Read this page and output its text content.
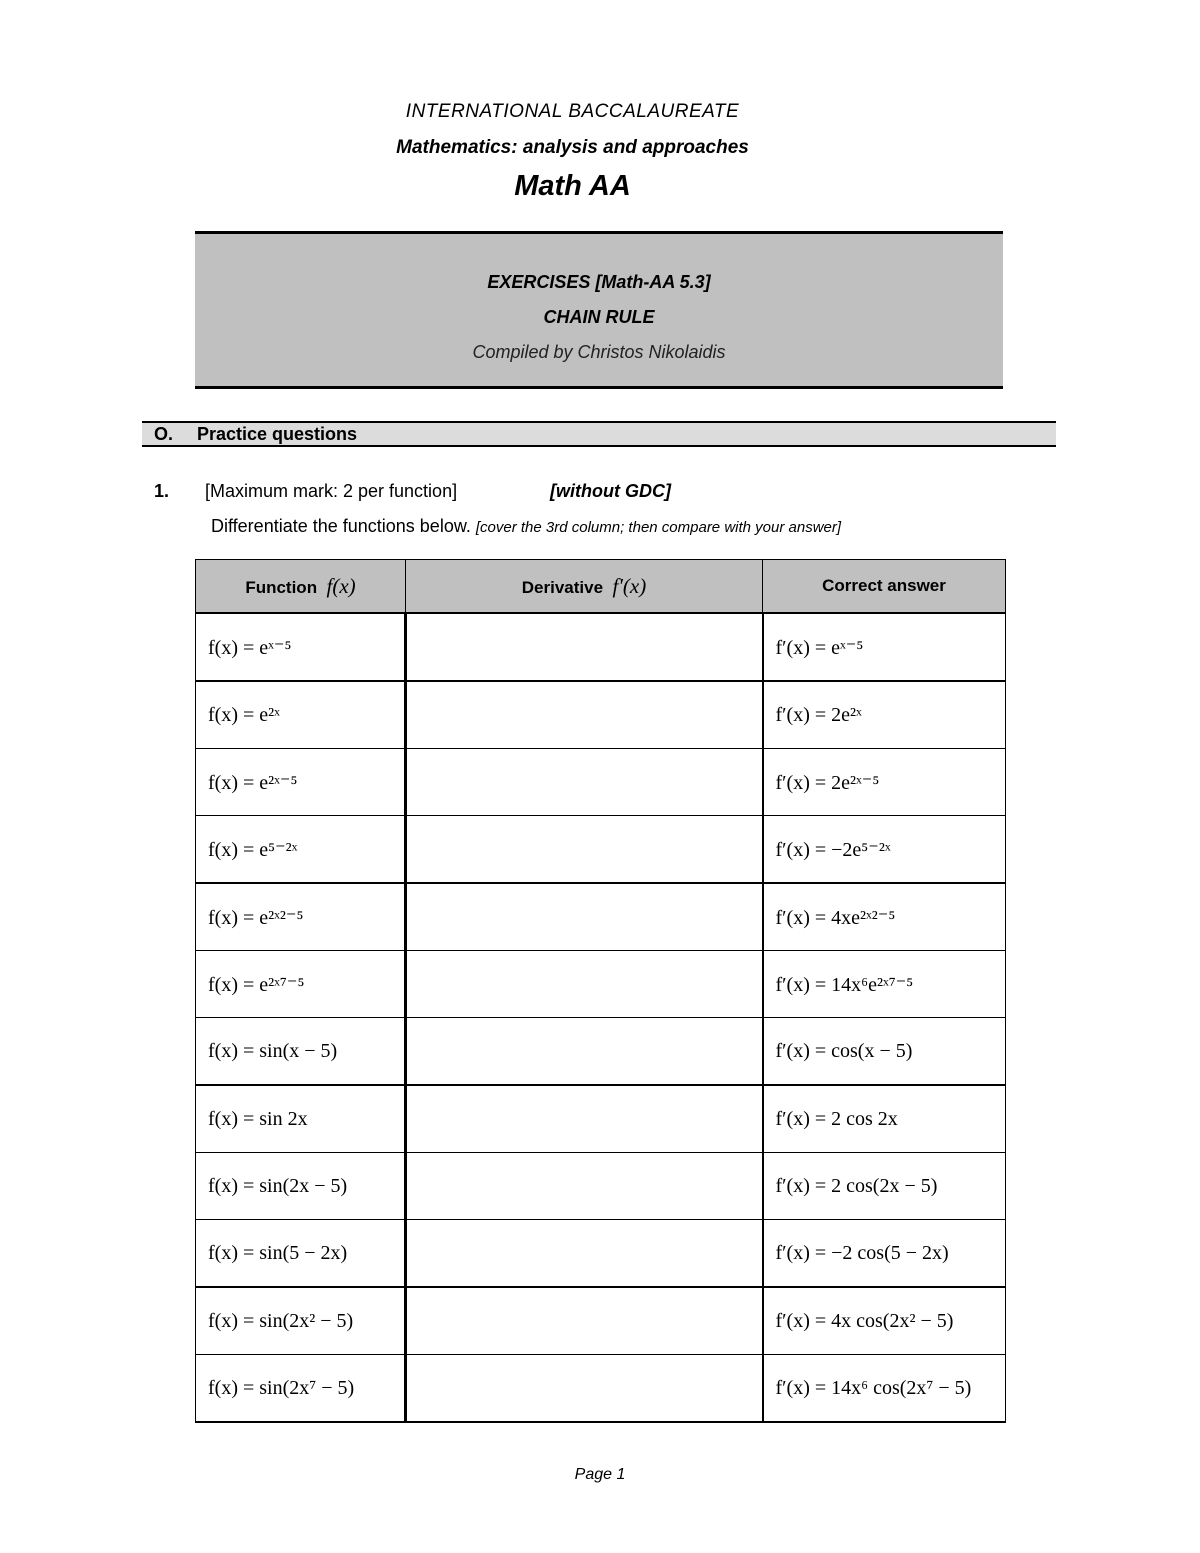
INTERNATIONAL BACCALAUREATE
Mathematics: analysis and approaches
Math AA
EXERCISES [Math-AA 5.3]
CHAIN RULE
Compiled by Christos Nikolaidis
O. Practice questions
1. [Maximum mark: 2 per function]	[without GDC]
Differentiate the functions below. [cover the 3rd column; then compare with your answer]
Function f(x)	Derivative f′(x)	Correct answer
f(x) = eˣ⁻⁵		f′(x) = eˣ⁻⁵
f(x) = e²ˣ		f′(x) = 2e²ˣ
f(x) = e²ˣ⁻⁵		f′(x) = 2e²ˣ⁻⁵
f(x) = e⁵⁻²ˣ		f′(x) = −2e⁵⁻²ˣ
f(x) = e²ˣ²⁻⁵		f′(x) = 4xe²ˣ²⁻⁵
f(x) = e²ˣ⁷⁻⁵		f′(x) = 14x⁶e²ˣ⁷⁻⁵
f(x) = sin(x − 5)		f′(x) = cos(x − 5)
f(x) = sin 2x		f′(x) = 2 cos 2x
f(x) = sin(2x − 5)		f′(x) = 2 cos(2x − 5)
f(x) = sin(5 − 2x)		f′(x) = −2 cos(5 − 2x)
f(x) = sin(2x² − 5)		f′(x) = 4x cos(2x² − 5)
f(x) = sin(2x⁷ − 5)		f′(x) = 14x⁶ cos(2x⁷ − 5)
Page 1
